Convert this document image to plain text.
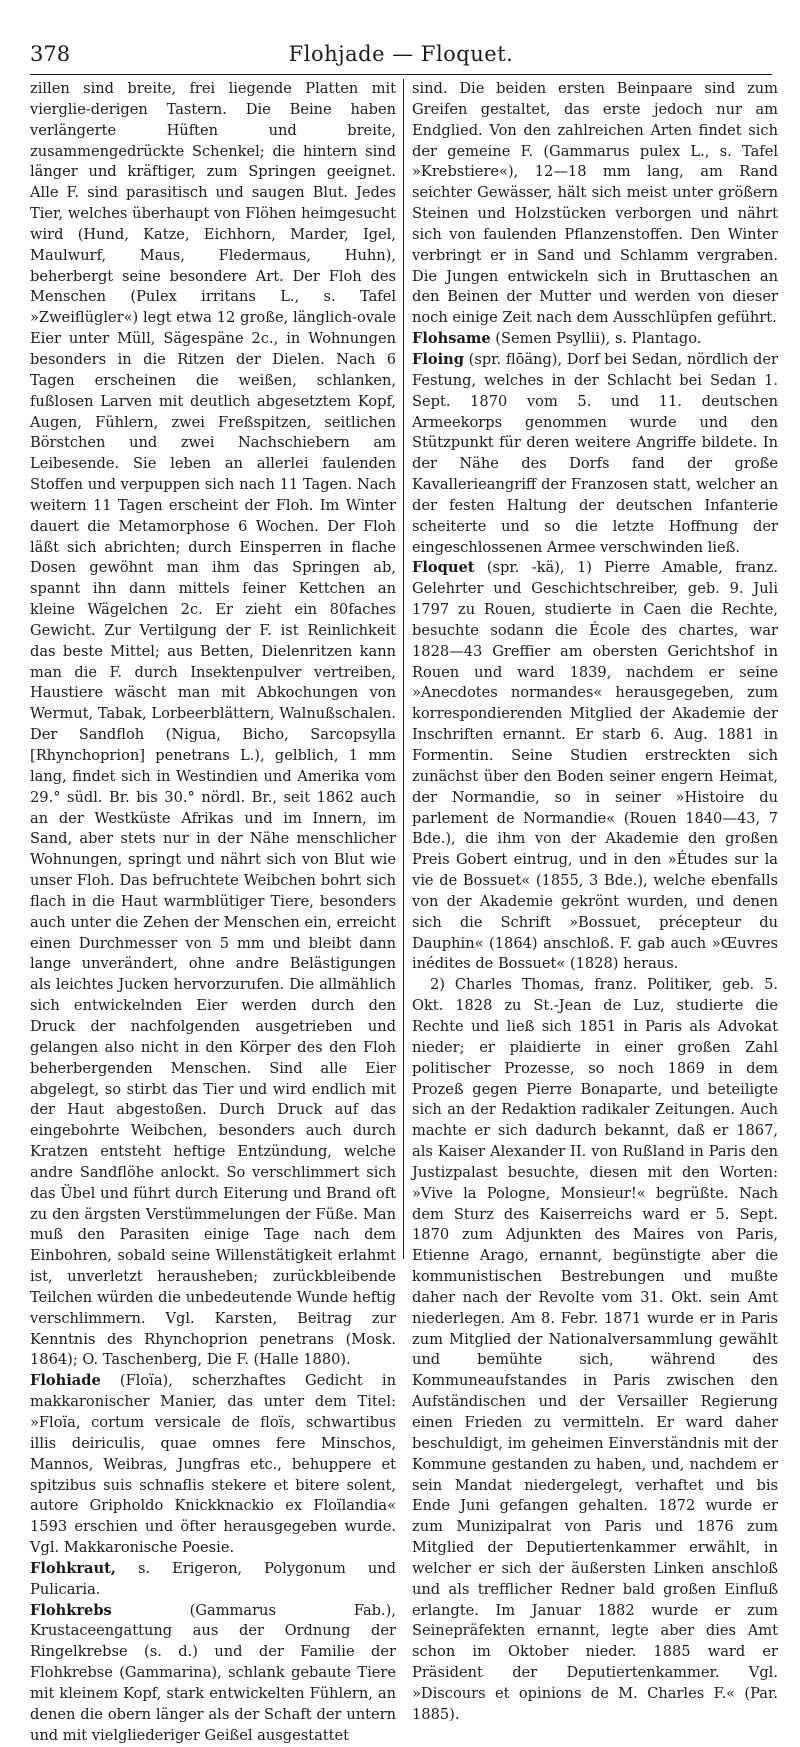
378	Flohjade — Floquet.

zillen sind breite, frei liegende Platten mit vierglie-derigen Tastern. Die Beine haben verlängerte Hüften und breite, zusammengedrückte Schenkel; die hintern sind länger und kräftiger, zum Springen geeignet. Alle F. sind parasitisch und saugen Blut. Jedes Tier, welches überhaupt von Flöhen heimgesucht wird (Hund, Katze, Eichhorn, Marder, Igel, Maulwurf, Maus, Fledermaus, Huhn), beherbergt seine besondere Art. Der Floh des Menschen (Pulex irritans L., s. Tafel »Zweiflügler«) legt etwa 12 große, länglich-ovale Eier unter Müll, Sägespäne 2c., in Wohnungen besonders in die Ritzen der Dielen. Nach 6 Tagen erscheinen die weißen, schlanken, fußlosen Larven mit deutlich abgesetztem Kopf, Augen, Fühlern, zwei Freßspitzen, seitlichen Börstchen und zwei Nachschiebern am Leibesende. Sie leben an allerlei faulenden Stoffen und verpuppen sich nach 11 Tagen. Nach weitern 11 Tagen erscheint der Floh. Im Winter dauert die Metamorphose 6 Wochen. Der Floh läßt sich abrichten; durch Einsperren in flache Dosen gewöhnt man ihm das Springen ab, spannt ihn dann mittels feiner Kettchen an kleine Wägelchen 2c. Er zieht ein 80faches Gewicht. Zur Vertilgung der F. ist Reinlichkeit das beste Mittel; aus Betten, Dielenritzen kann man die F. durch Insektenpulver vertreiben, Haustiere wäscht man mit Abkochungen von Wermut, Tabak, Lorbeerblättern, Walnußschalen. Der Sandfloh (Nigua, Bicho, Sarcopsylla [Rhynchoprion] penetrans L.), gelblich, 1 mm lang, findet sich in Westindien und Amerika vom 29.° südl. Br. bis 30.° nördl. Br., seit 1862 auch an der Westküste Afrikas und im Innern, im Sand, aber stets nur in der Nähe menschlicher Wohnungen, springt und nährt sich von Blut wie unser Floh. Das befruchtete Weibchen bohrt sich flach in die Haut warmblütiger Tiere, besonders auch unter die Zehen der Menschen ein, erreicht einen Durchmesser von 5 mm und bleibt dann lange unverändert, ohne andre Belästigungen als leichtes Jucken hervorzurufen. Die allmählich sich entwickelnden Eier werden durch den Druck der nachfolgenden ausgetrieben und gelangen also nicht in den Körper des den Floh beherbergenden Menschen. Sind alle Eier abgelegt, so stirbt das Tier und wird endlich mit der Haut abgestoßen. Durch Druck auf das eingebohrte Weibchen, besonders auch durch Kratzen entsteht heftige Entzündung, welche andre Sandflöhe anlockt. So verschlimmert sich das Übel und führt durch Eiterung und Brand oft zu den ärgsten Verstümmelungen der Füße. Man muß den Parasiten einige Tage nach dem Einbohren, sobald seine Willenstätigkeit erlahmt ist, unverletzt herausheben; zurückbleibende Teilchen würden die unbedeutende Wunde heftig verschlimmern. Vgl. Karsten, Beitrag zur Kenntnis des Rhynchoprion penetrans (Mosk. 1864); O. Taschenberg, Die F. (Halle 1880).

Flohiade (Floïa), scherzhaftes Gedicht in makkaronischer Manier, das unter dem Titel: »Floïa, cortum versicale de floïs, schwartibus illis deiriculis, quae omnes fere Minschos, Mannos, Weibras, Jungfras etc., behuppere et spitzibus suis schnaflis stekere et bitere solent, autore Gripholdo Knickknackio ex Floïlandia« 1593 erschien und öfter herausgegeben wurde. Vgl. Makkaronische Poesie.

Flohkraut, s. Erigeron, Polygonum und Pulicaria.

Flohkrebs (Gammarus Fab.), Krustaceengattung aus der Ordnung der Ringelkrebse (s. d.) und der Familie der Flohkrebse (Gammarina), schlank gebaute Tiere mit kleinem Kopf, stark entwickelten Fühlern, an denen die obern länger als der Schaft der untern und mit vielgliederiger Geißel ausgestattet

sind. Die beiden ersten Beinpaare sind zum Greifen gestaltet, das erste jedoch nur am Endglied. Von den zahlreichen Arten findet sich der gemeine F. (Gammarus pulex L., s. Tafel »Krebstiere«), 12—18 mm lang, am Rand seichter Gewässer, hält sich meist unter größern Steinen und Holzstücken verborgen und nährt sich von faulenden Pflanzenstoffen. Den Winter verbringt er in Sand und Schlamm vergraben. Die Jungen entwickeln sich in Bruttaschen an den Beinen der Mutter und werden von dieser noch einige Zeit nach dem Ausschlüpfen geführt.

Flohsame (Semen Psyllii), s. Plantago.

Floing (spr. flōäng), Dorf bei Sedan, nördlich der Festung, welches in der Schlacht bei Sedan 1. Sept. 1870 vom 5. und 11. deutschen Armeekorps genommen wurde und den Stützpunkt für deren weitere Angriffe bildete. In der Nähe des Dorfs fand der große Kavallerieangriff der Franzosen statt, welcher an der festen Haltung der deutschen Infanterie scheiterte und so die letzte Hoffnung der eingeschlossenen Armee verschwinden ließ.

Floquet (spr. -kä), 1) Pierre Amable, franz. Gelehrter und Geschichtschreiber, geb. 9. Juli 1797 zu Rouen, studierte in Caen die Rechte, besuchte sodann die École des chartes, war 1828—43 Greffier am obersten Gerichtshof in Rouen und ward 1839, nachdem er seine »Anecdotes normandes« herausgegeben, zum korrespondierenden Mitglied der Akademie der Inschriften ernannt. Er starb 6. Aug. 1881 in Formentin. Seine Studien erstreckten sich zunächst über den Boden seiner engern Heimat, der Normandie, so in seiner »Histoire du parlement de Normandie« (Rouen 1840—43, 7 Bde.), die ihm von der Akademie den großen Preis Gobert eintrug, und in den »Études sur la vie de Bossuet« (1855, 3 Bde.), welche ebenfalls von der Akademie gekrönt wurden, und denen sich die Schrift »Bossuet, précepteur du Dauphin« (1864) anschloß. F. gab auch »Œuvres inédites de Bossuet« (1828) heraus.

2) Charles Thomas, franz. Politiker, geb. 5. Okt. 1828 zu St.-Jean de Luz, studierte die Rechte und ließ sich 1851 in Paris als Advokat nieder; er plaidierte in einer großen Zahl politischer Prozesse, so noch 1869 in dem Prozeß gegen Pierre Bonaparte, und beteiligte sich an der Redaktion radikaler Zeitungen. Auch machte er sich dadurch bekannt, daß er 1867, als Kaiser Alexander II. von Rußland in Paris den Justizpalast besuchte, diesen mit den Worten: »Vive la Pologne, Monsieur!« begrüßte. Nach dem Sturz des Kaiserreichs ward er 5. Sept. 1870 zum Adjunkten des Maires von Paris, Etienne Arago, ernannt, begünstigte aber die kommunistischen Bestrebungen und mußte daher nach der Revolte vom 31. Okt. sein Amt niederlegen. Am 8. Febr. 1871 wurde er in Paris zum Mitglied der Nationalversammlung gewählt und bemühte sich, während des Kommuneaufstandes in Paris zwischen den Aufständischen und der Versailler Regierung einen Frieden zu vermitteln. Er ward daher beschuldigt, im geheimen Einverständnis mit der Kommune gestanden zu haben, und, nachdem er sein Mandat niedergelegt, verhaftet und bis Ende Juni gefangen gehalten. 1872 wurde er zum Munizipalrat von Paris und 1876 zum Mitglied der Deputiertenkammer erwählt, in welcher er sich der äußersten Linken anschloß und als trefflicher Redner bald großen Einfluß erlangte. Im Januar 1882 wurde er zum Seinepräfekten ernannt, legte aber dies Amt schon im Oktober nieder. 1885 ward er Präsident der Deputiertenkammer. Vgl. »Discours et opinions de M. Charles F.« (Par. 1885).
